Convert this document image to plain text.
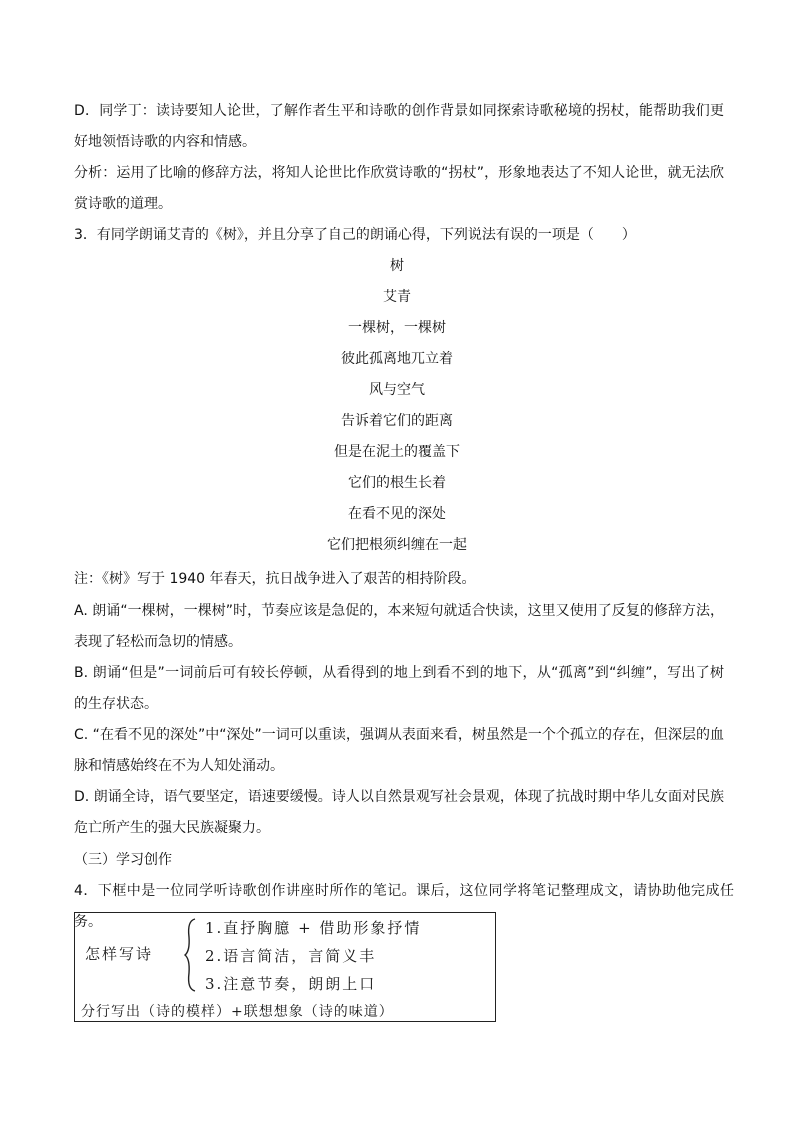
D．同学丁：读诗要知人论世，了解作者生平和诗歌的创作背景如同探索诗歌秘境的拐杖，能帮助我们更好地领悟诗歌的内容和情感。

分析：运用了比喻的修辞方法，将知人论世比作欣赏诗歌的“拐杖”，形象地表达了不知人论世，就无法欣赏诗歌的道理。

3．有同学朗诵艾青的《树》，并且分享了自己的朗诵心得，下列说法有误的一项是（　　）

树
艾青
一棵树，一棵树
彼此孤离地兀立着
风与空气
告诉着它们的距离
但是在泥土的覆盖下
它们的根生长着
在看不见的深处
它们把根须纠缠在一起

注：《树》写于 1940 年春天，抗日战争进入了艰苦的相持阶段。

A. 朗诵“一棵树，一棵树”时，节奏应该是急促的，本来短句就适合快读，这里又使用了反复的修辞方法，表现了轻松而急切的情感。

B. 朗诵“但是”一词前后可有较长停顿，从看得到的地上到看不到的地下，从“孤离”到“纠缠”，写出了树的生存状态。

C. “在看不见的深处”中“深处”一词可以重读，强调从表面来看，树虽然是一个个孤立的存在，但深层的血脉和情感始终在不为人知处涌动。

D. 朗诵全诗，语气要坚定，语速要缓慢。诗人以自然景观写社会景观，体现了抗战时期中华儿女面对民族危亡所产生的强大民族凝聚力。

（三）学习创作

4．下框中是一位同学听诗歌创作讲座时所作的笔记。课后，这位同学将笔记整理成文，请协助他完成任务。

怎样写诗
1.直抒胸臆 + 借助形象抒情
2.语言简洁，言简义丰
3.注意节奏，朗朗上口
分行写出（诗的模样）+联想想象（诗的味道）
